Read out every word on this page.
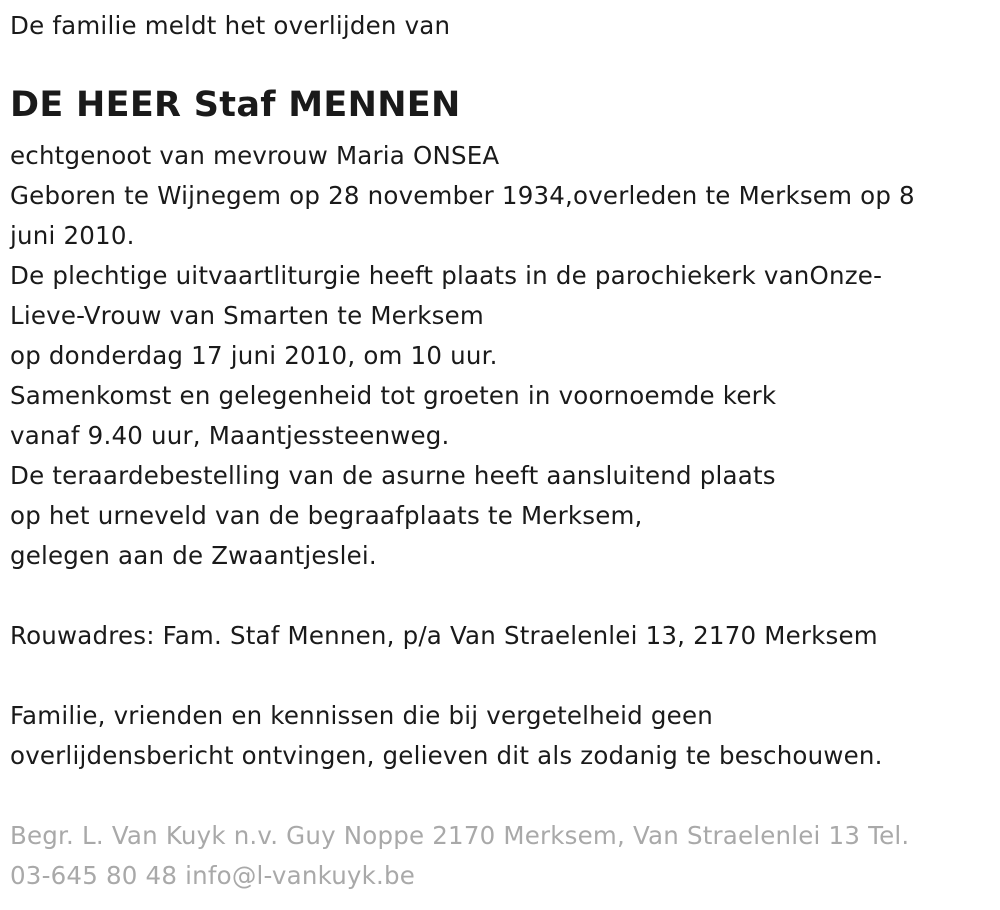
De familie meldt het overlijden van
DE HEER Staf MENNEN
echtgenoot van mevrouw Maria ONSEA
Geboren te Wijnegem op 28 november 1934,overleden te Merksem op 8
juni 2010.
De plechtige uitvaartliturgie heeft plaats in de parochiekerk vanOnze-
Lieve-Vrouw van Smarten te Merksem
op donderdag 17 juni 2010, om 10 uur.
Samenkomst en gelegenheid tot groeten in voornoemde kerk
vanaf 9.40 uur, Maantjessteenweg.
De teraardebestelling van de asurne heeft aansluitend plaats
op het urneveld van de begraafplaats te Merksem,
gelegen aan de Zwaantjeslei.
Rouwadres: Fam. Staf Mennen, p/a Van Straelenlei 13, 2170 Merksem
Familie, vrienden en kennissen die bij vergetelheid geen
overlijdensbericht ontvingen, gelieven dit als zodanig te beschouwen.
Begr. L. Van Kuyk n.v. Guy Noppe 2170 Merksem, Van Straelenlei 13 Tel.
03-645 80 48 info@l-vankuyk.be
